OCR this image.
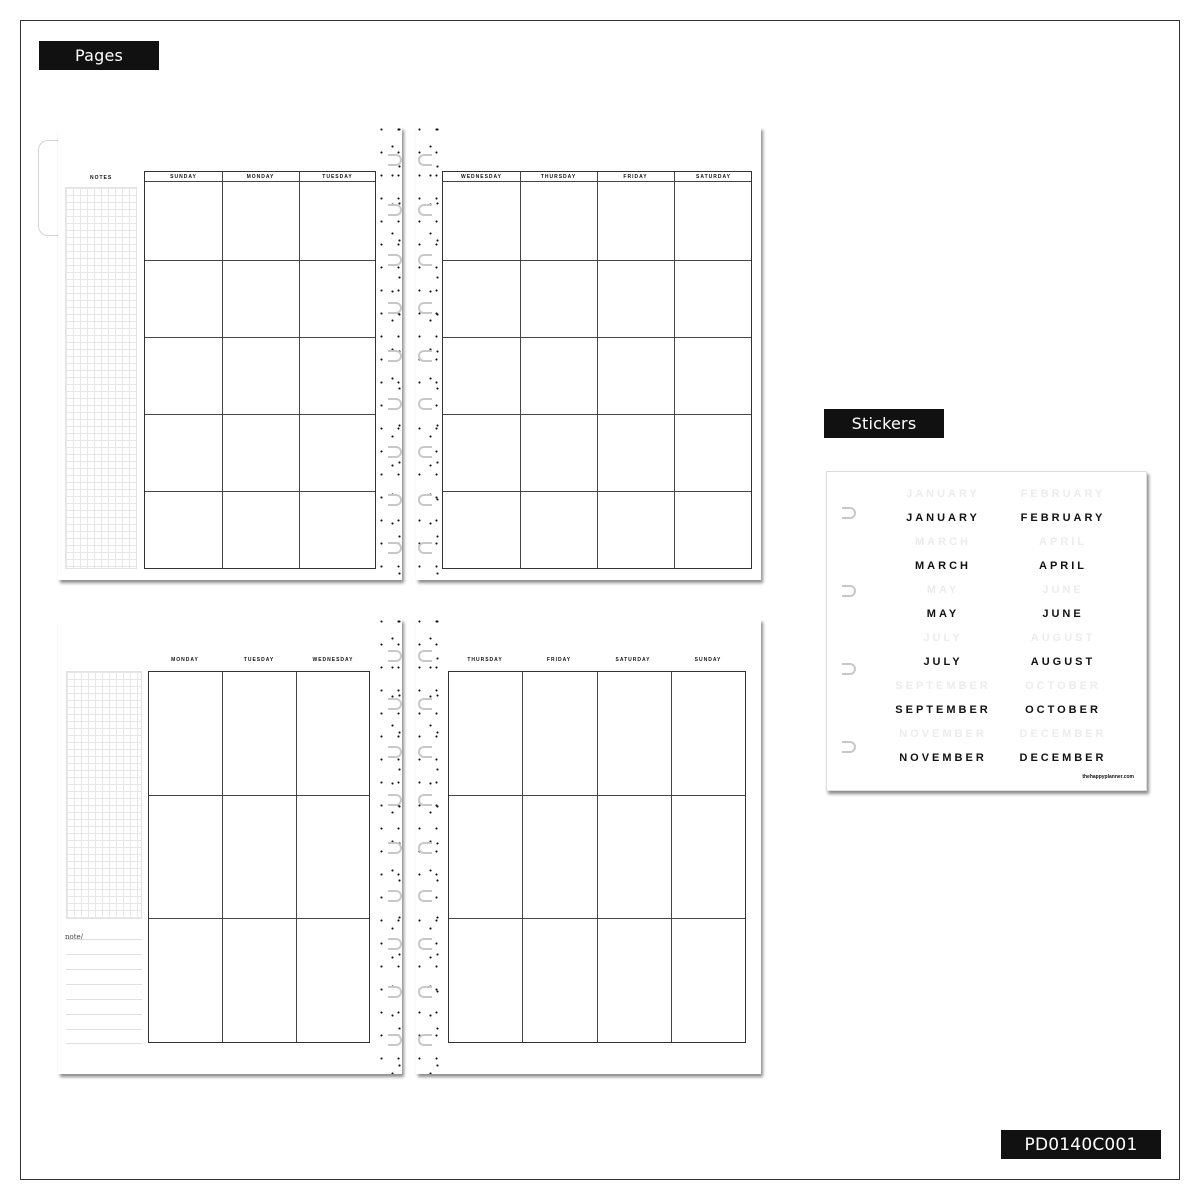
Pages
Stickers
PD0140C001
NOTES	SUNDAY	MONDAY	TUESDAY	WEDNESDAY	THURSDAY	FRIDAY	SATURDAY
note/
MONDAY	TUESDAY	WEDNESDAY	THURSDAY	FRIDAY	SATURDAY	SUNDAY
JANUARY	FEBRUARY
JANUARY	FEBRUARY
MARCH	APRIL
MARCH	APRIL
MAY	JUNE
MAY	JUNE
JULY	AUGUST
JULY	AUGUST
SEPTEMBER	OCTOBER
SEPTEMBER	OCTOBER
NOVEMBER	DECEMBER
NOVEMBER	DECEMBER
thehappyplanner.com
